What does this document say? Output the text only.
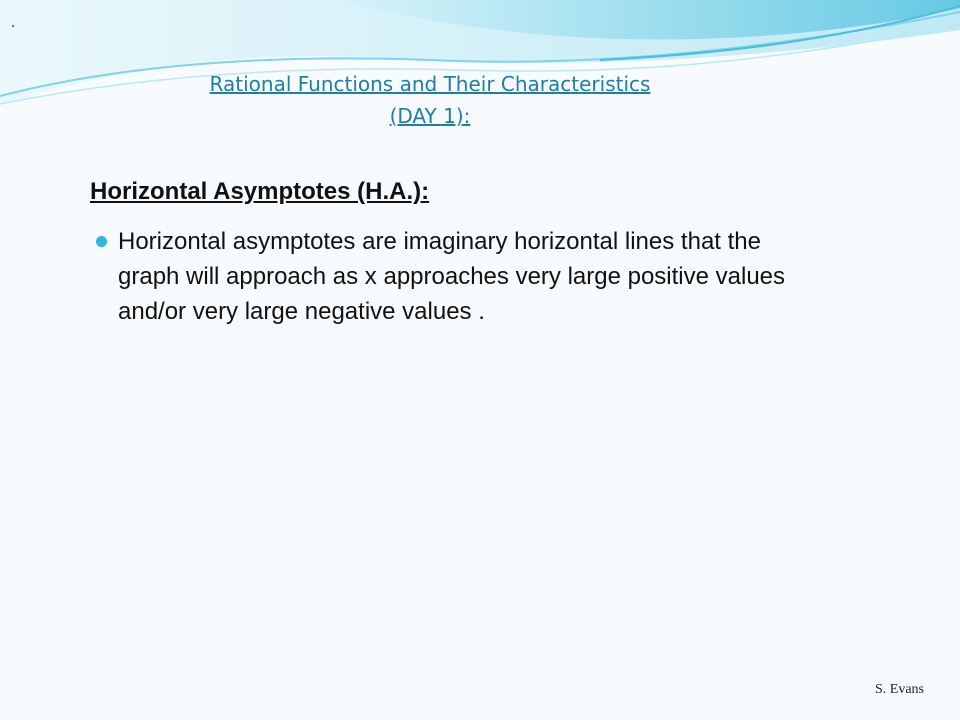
.
Rational Functions and Their Characteristics
(DAY 1):
Horizontal Asymptotes (H.A.):
Horizontal asymptotes are imaginary horizontal lines that the graph will approach as x approaches very large positive values and/or very large negative values .
S. Evans
